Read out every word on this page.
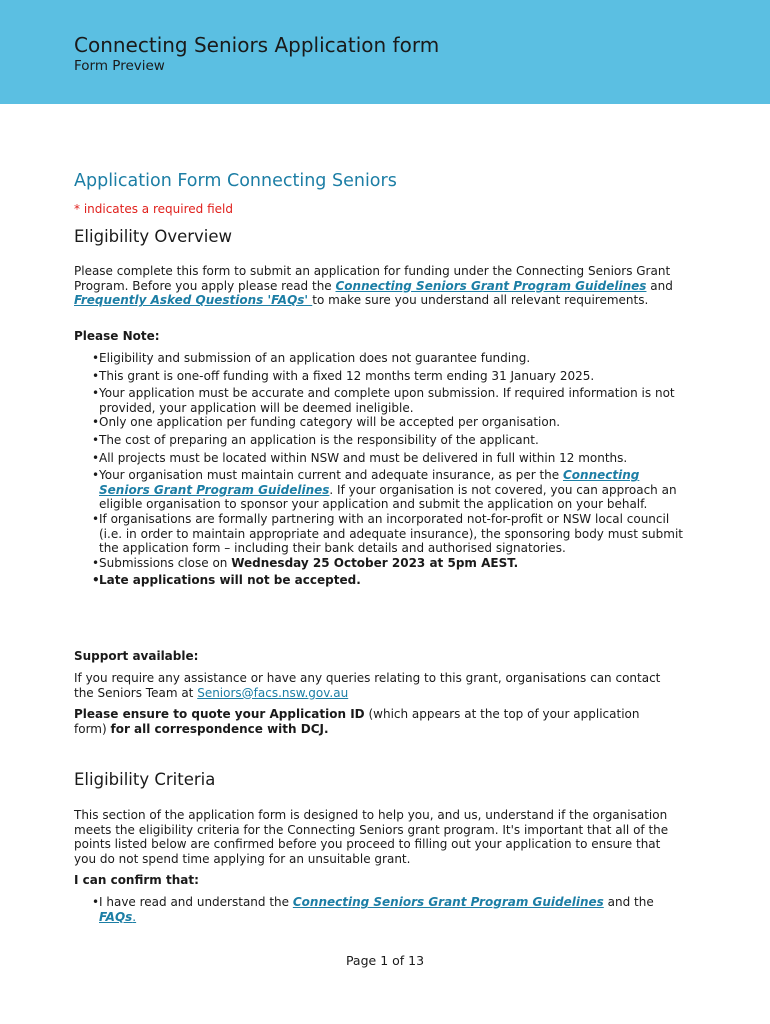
Connecting Seniors Application form
Form Preview
Application Form Connecting Seniors
* indicates a required field
Eligibility Overview
Please complete this form to submit an application for funding under the Connecting Seniors Grant Program. Before you apply please read the Connecting Seniors Grant Program Guidelines and Frequently Asked Questions 'FAQs' to make sure you understand all relevant requirements.
Please Note:
• Eligibility and submission of an application does not guarantee funding.
• This grant is one-off funding with a fixed 12 months term ending 31 January 2025.
• Your application must be accurate and complete upon submission. If required information is not provided, your application will be deemed ineligible.
• Only one application per funding category will be accepted per organisation.
• The cost of preparing an application is the responsibility of the applicant.
• All projects must be located within NSW and must be delivered in full within 12 months.
• Your organisation must maintain current and adequate insurance, as per the Connecting Seniors Grant Program Guidelines. If your organisation is not covered, you can approach an eligible organisation to sponsor your application and submit the application on your behalf.
• If organisations are formally partnering with an incorporated not-for-profit or NSW local council (i.e. in order to maintain appropriate and adequate insurance), the sponsoring body must submit the application form – including their bank details and authorised signatories.
• Submissions close on Wednesday 25 October 2023 at 5pm AEST.
• Late applications will not be accepted.
Support available:
If you require any assistance or have any queries relating to this grant, organisations can contact the Seniors Team at Seniors@facs.nsw.gov.au
Please ensure to quote your Application ID (which appears at the top of your application form) for all correspondence with DCJ.
Eligibility Criteria
This section of the application form is designed to help you, and us, understand if the organisation meets the eligibility criteria for the Connecting Seniors grant program. It's important that all of the points listed below are confirmed before you proceed to filling out your application to ensure that you do not spend time applying for an unsuitable grant.
I can confirm that:
• I have read and understand the Connecting Seniors Grant Program Guidelines and the FAQs.
Page 1 of 13
